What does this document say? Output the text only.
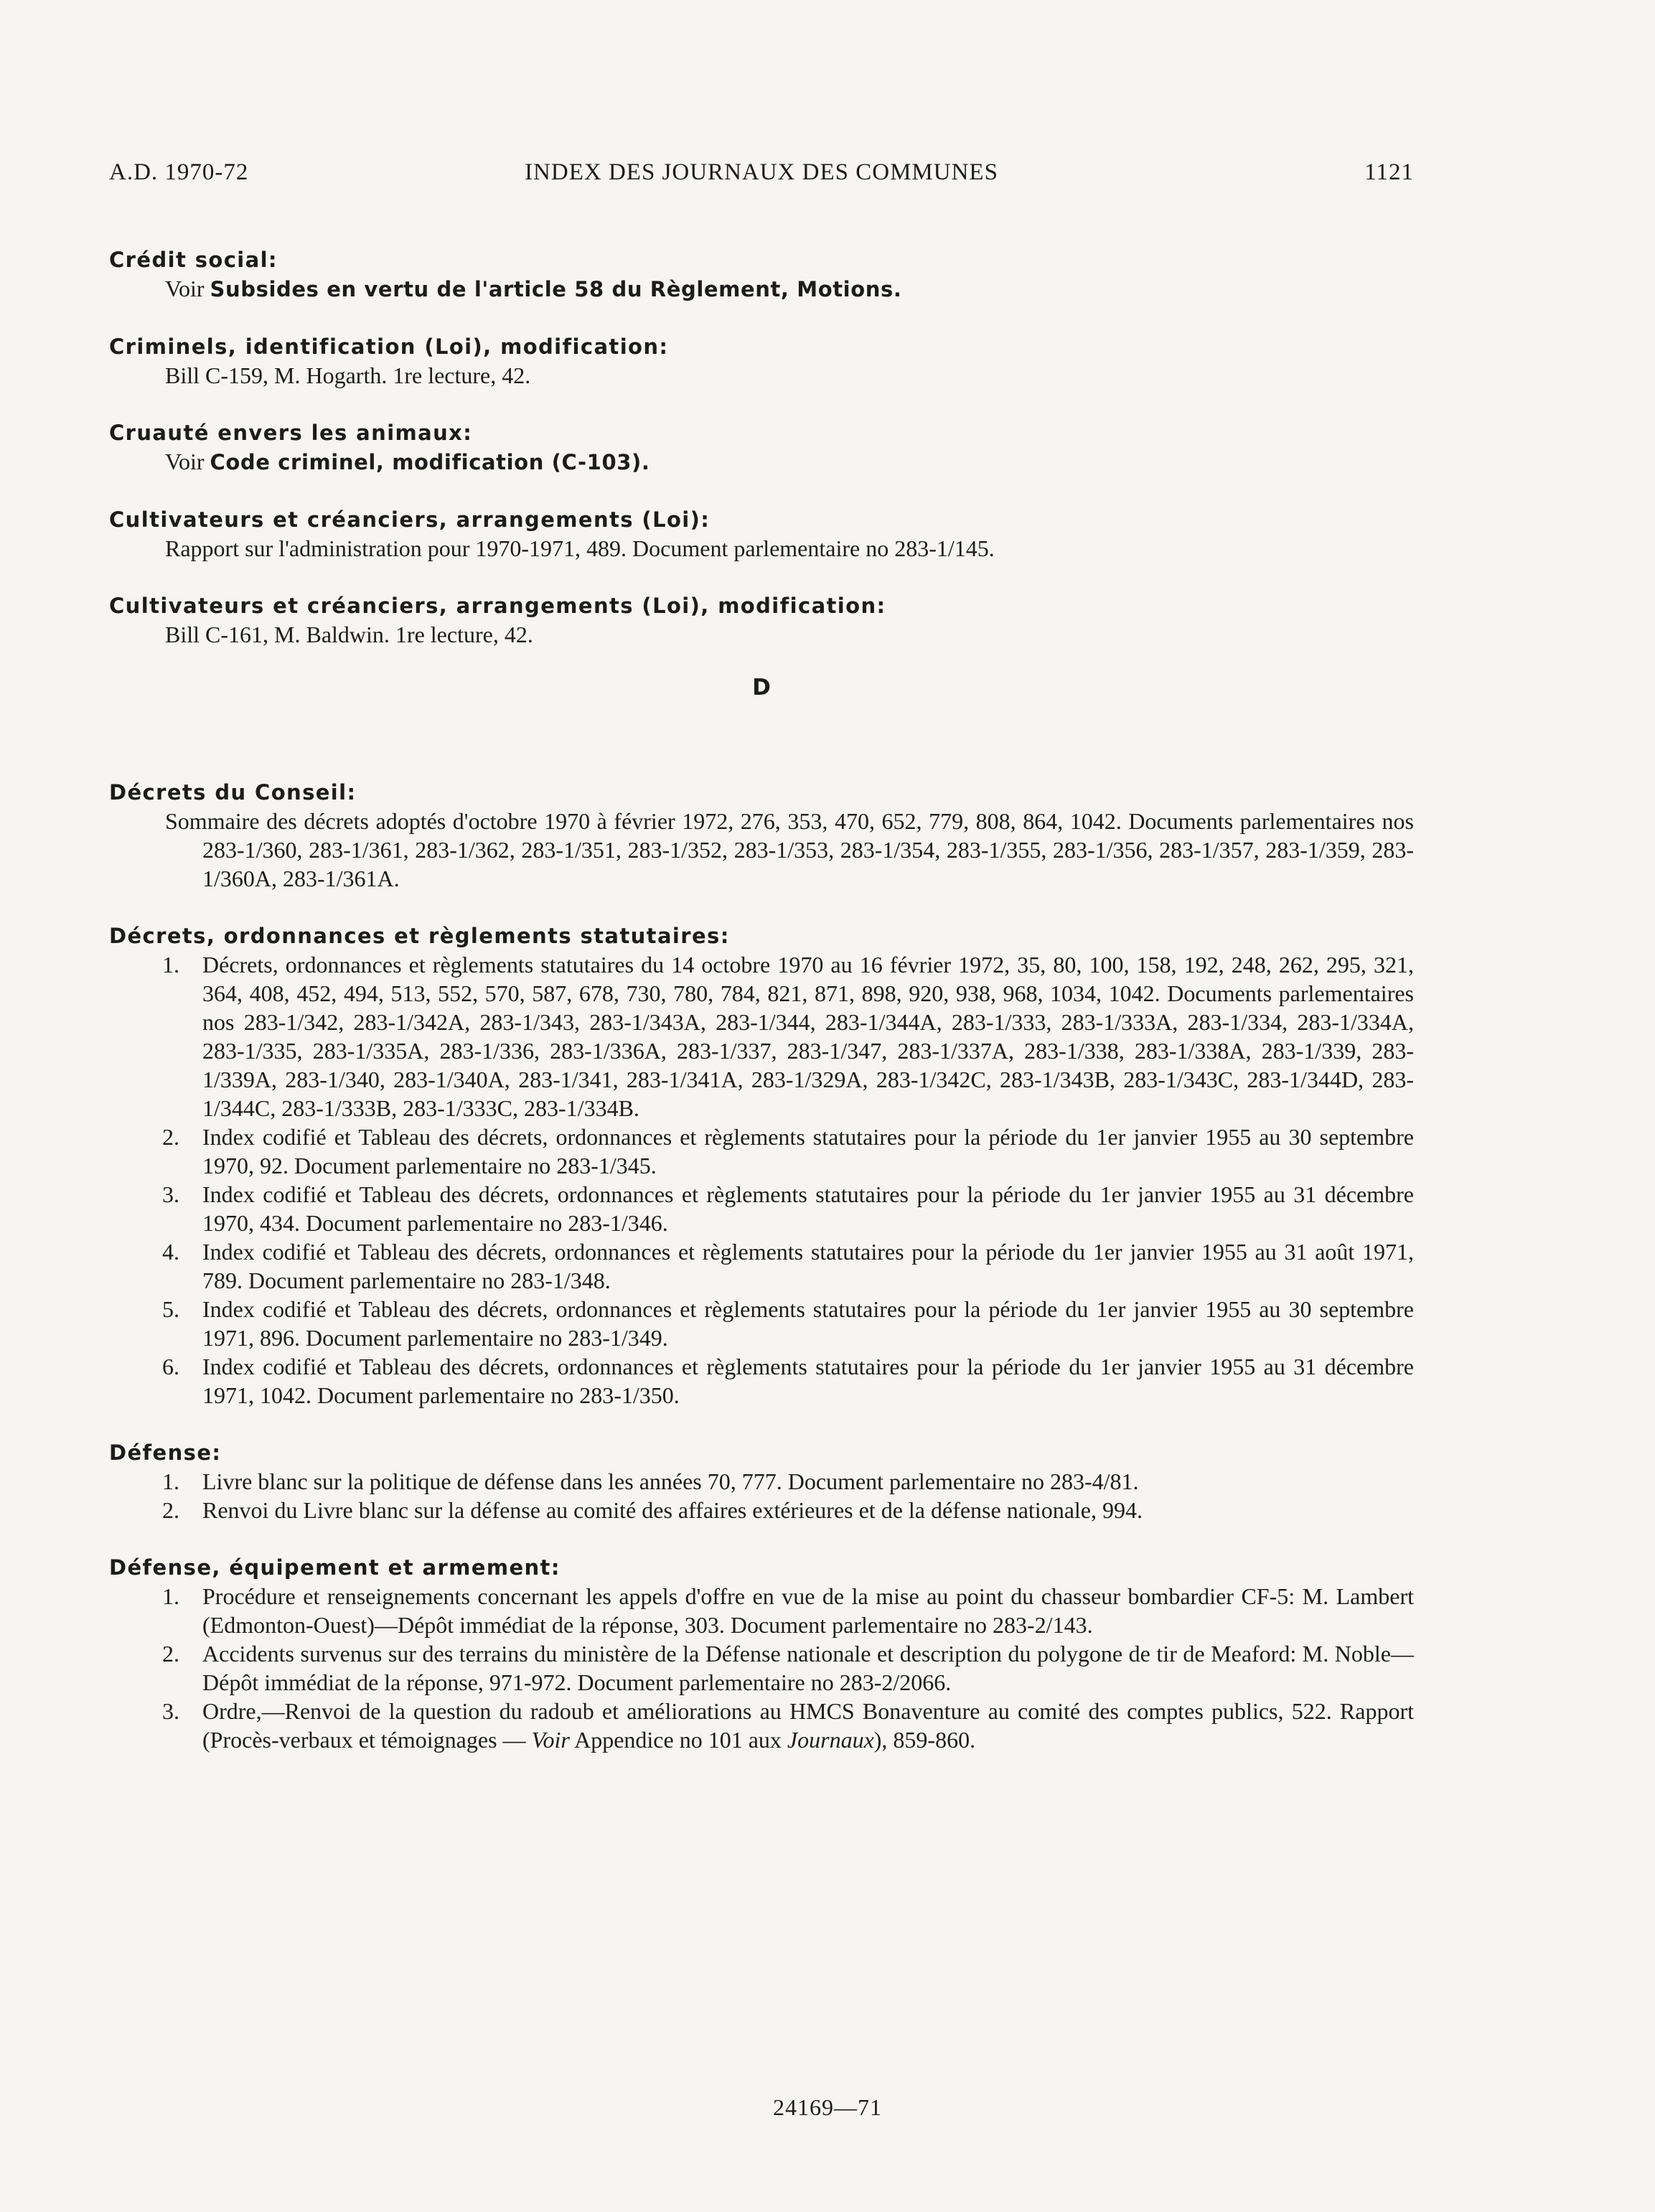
A.D. 1970-72	INDEX DES JOURNAUX DES COMMUNES	1121

Crédit social:

Voir Subsides en vertu de l'article 58 du Règlement, Motions.

Criminels, identification (Loi), modification:

Bill C-159, M. Hogarth. 1re lecture, 42.

Cruauté envers les animaux:

Voir Code criminel, modification (C-103).

Cultivateurs et créanciers, arrangements (Loi):

Rapport sur l'administration pour 1970-1971, 489. Document parlementaire no 283-1/145.

Cultivateurs et créanciers, arrangements (Loi), modification:

Bill C-161, M. Baldwin. 1re lecture, 42.

D

Décrets du Conseil:

Sommaire des décrets adoptés d'octobre 1970 à février 1972, 276, 353, 470, 652, 779, 808, 864, 1042. Documents parlementaires nos 283-1/360, 283-1/361, 283-1/362, 283-1/351, 283-1/352, 283-1/353, 283-1/354, 283-1/355, 283-1/356, 283-1/357, 283-1/359, 283-1/360A, 283-1/361A.

Décrets, ordonnances et règlements statutaires:

1. Décrets, ordonnances et règlements statutaires du 14 octobre 1970 au 16 février 1972, 35, 80, 100, 158, 192, 248, 262, 295, 321, 364, 408, 452, 494, 513, 552, 570, 587, 678, 730, 780, 784, 821, 871, 898, 920, 938, 968, 1034, 1042. Documents parlementaires nos 283-1/342, 283-1/342A, 283-1/343, 283-1/343A, 283-1/344, 283-1/344A, 283-1/333, 283-1/333A, 283-1/334, 283-1/334A, 283-1/335, 283-1/335A, 283-1/336, 283-1/336A, 283-1/337, 283-1/347, 283-1/337A, 283-1/338, 283-1/338A, 283-1/339, 283-1/339A, 283-1/340, 283-1/340A, 283-1/341, 283-1/341A, 283-1/329A, 283-1/342C, 283-1/343B, 283-1/343C, 283-1/344D, 283-1/344C, 283-1/333B, 283-1/333C, 283-1/334B.
2. Index codifié et Tableau des décrets, ordonnances et règlements statutaires pour la période du 1er janvier 1955 au 30 septembre 1970, 92. Document parlementaire no 283-1/345.
3. Index codifié et Tableau des décrets, ordonnances et règlements statutaires pour la période du 1er janvier 1955 au 31 décembre 1970, 434. Document parlementaire no 283-1/346.
4. Index codifié et Tableau des décrets, ordonnances et règlements statutaires pour la période du 1er janvier 1955 au 31 août 1971, 789. Document parlementaire no 283-1/348.
5. Index codifié et Tableau des décrets, ordonnances et règlements statutaires pour la période du 1er janvier 1955 au 30 septembre 1971, 896. Document parlementaire no 283-1/349.
6. Index codifié et Tableau des décrets, ordonnances et règlements statutaires pour la période du 1er janvier 1955 au 31 décembre 1971, 1042. Document parlementaire no 283-1/350.

Défense:

1. Livre blanc sur la politique de défense dans les années 70, 777. Document parlementaire no 283-4/81.
2. Renvoi du Livre blanc sur la défense au comité des affaires extérieures et de la défense nationale, 994.

Défense, équipement et armement:

1. Procédure et renseignements concernant les appels d'offre en vue de la mise au point du chasseur bombardier CF-5: M. Lambert (Edmonton-Ouest)—Dépôt immédiat de la réponse, 303. Document parlementaire no 283-2/143.
2. Accidents survenus sur des terrains du ministère de la Défense nationale et description du polygone de tir de Meaford: M. Noble—Dépôt immédiat de la réponse, 971-972. Document parlementaire no 283-2/2066.
3. Ordre,—Renvoi de la question du radoub et améliorations au HMCS Bonaventure au comité des comptes publics, 522. Rapport (Procès-verbaux et témoignages — Voir Appendice no 101 aux Journaux), 859-860.
24169—71
